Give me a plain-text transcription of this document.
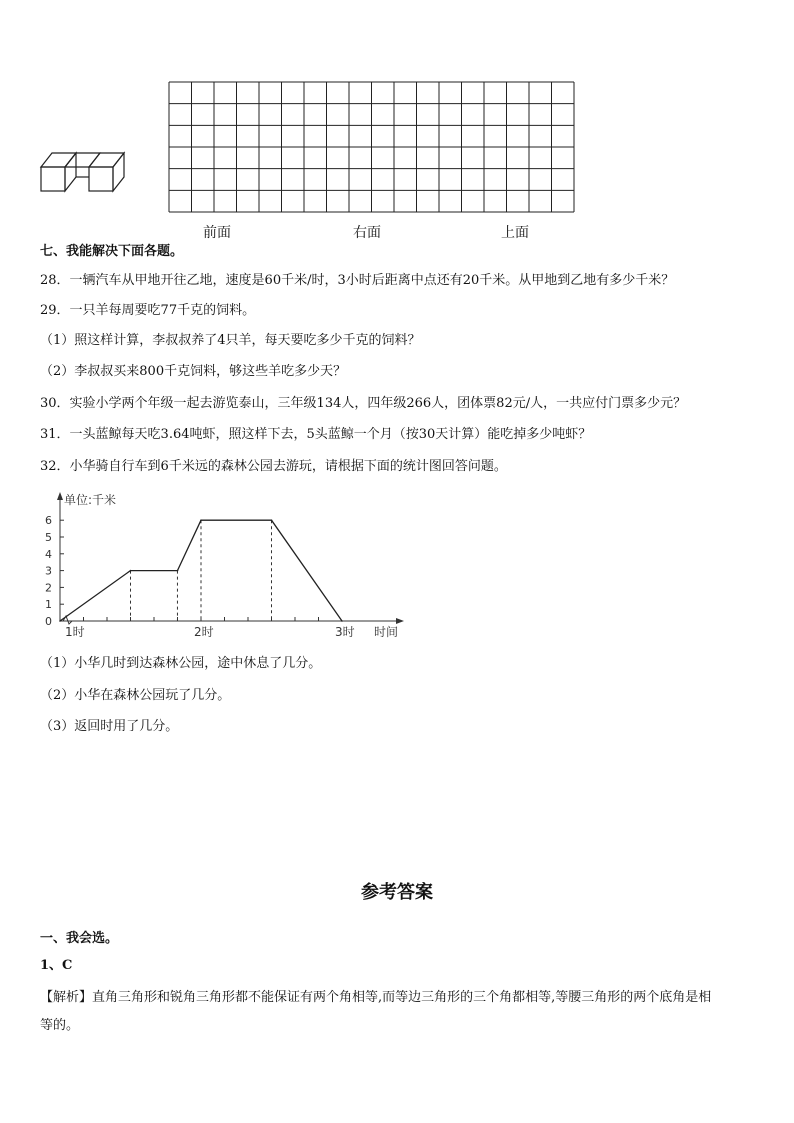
前面	右面	上面
七、我能解决下面各题。
28．一辆汽车从甲地开往乙地，速度是60千米/时，3小时后距离中点还有20千米。从甲地到乙地有多少千米？
29．一只羊每周要吃77千克的饲料。
（1）照这样计算，李叔叔养了4只羊，每天要吃多少千克的饲料？
（2）李叔叔买来800千克饲料，够这些羊吃多少天？
30．实验小学两个年级一起去游览泰山，三年级134人，四年级266人，团体票82元/人，一共应付门票多少元？
31．一头蓝鲸每天吃3.64吨虾，照这样下去，5头蓝鲸一个月（按30天计算）能吃掉多少吨虾？
32．小华骑自行车到6千米远的森林公园去游玩，请根据下面的统计图回答问题。
单位:千米
时间
0
1
2
3
4
5
6
1时	2时	3时
（1）小华几时到达森林公园，途中休息了几分。
（2）小华在森林公园玩了几分。
（3）返回时用了几分。
参考答案
一、我会选。
1、C
【解析】直角三角形和锐角三角形都不能保证有两个角相等,而等边三角形的三个角都相等,等腰三角形的两个底角是相
等的。
